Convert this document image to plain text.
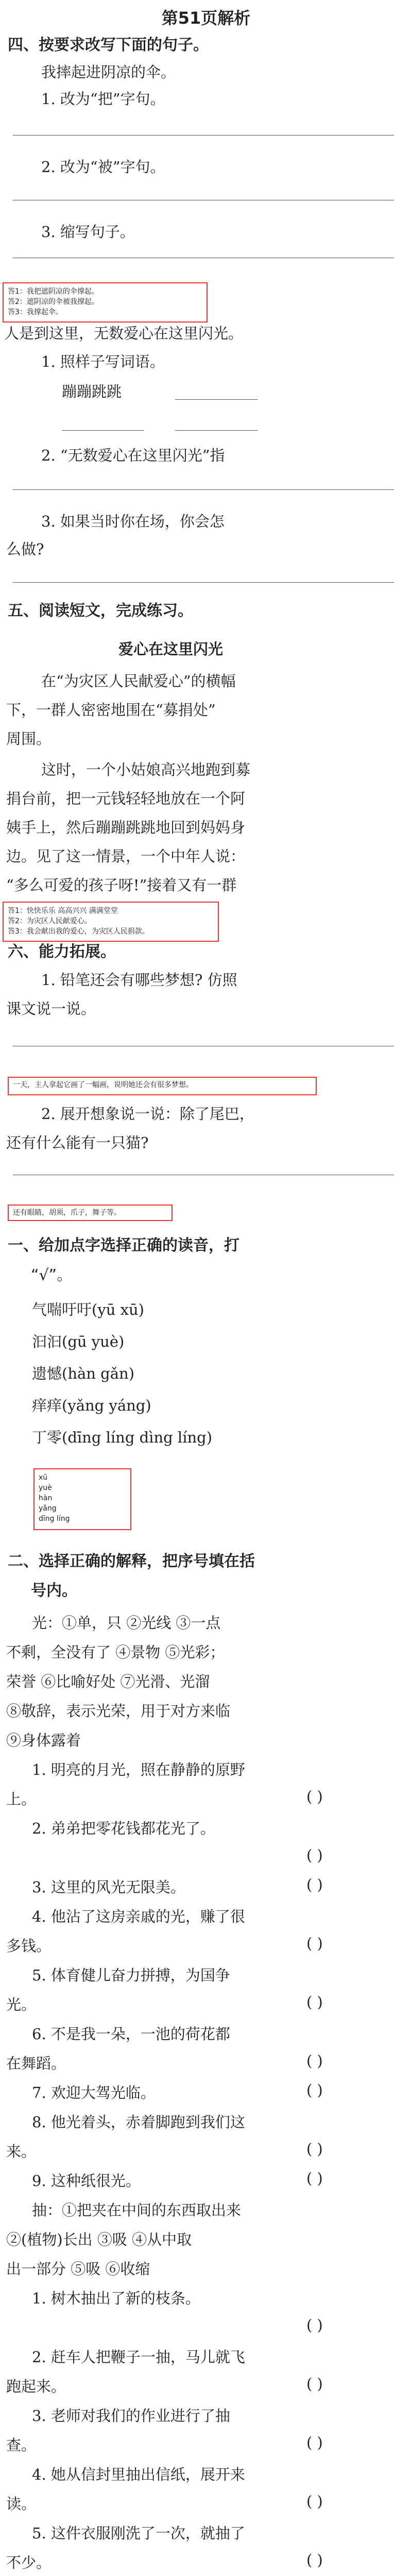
第51页解析
四、按要求改写下面的句子。
我摔起进阴凉的伞。
1. 改为“把”字句。
2. 改为“被”字句。
3. 缩写句子。
答1：我把遮阴凉的伞撑起。
答2：遮阴凉的伞被我撑起。
答3：我撑起伞。
人是到这里，无数爱心在这里闪光。
1. 照样子写词语。
蹦蹦跳跳
2. “无数爱心在这里闪光”指
3. 如果当时你在场，你会怎
么做?
五、阅读短文，完成练习。
爱心在这里闪光
在“为灾区人民献爱心”的横幅
下，一群人密密地围在“募捐处”
周围。
这时，一个小姑娘高兴地跑到募
捐台前，把一元钱轻轻地放在一个阿
姨手上，然后蹦蹦跳跳地回到妈妈身
边。见了这一情景，一个中年人说：
“多么可爱的孩子呀!”接着又有一群
答1：快快乐乐 高高兴兴 满满堂堂
答2：为灾区人民献爱心。
答3：我会献出我的爱心，为灾区人民捐款。
六、能力拓展。
1. 铅笔还会有哪些梦想? 仿照
课文说一说。
一天，主人拿起它画了一幅画，说明她还会有很多梦想。
2. 展开想象说一说：除了尾巴，
还有什么能有一只猫?
还有眼睛，胡须，爪子，舞子等。
一、给加点字选择正确的读音，打
“√”。
气喘吁吁(yū xū)
汩汩(gū yuè)
遗憾(hàn gǎn)
痒痒(yǎng yáng)
丁零(dīng líng dìng líng)
xū
yuè
hàn
yǎng
dīng líng
二、选择正确的解释，把序号填在括
号内。
光：①单，只 ②光线 ③一点
不剩，全没有了 ④景物 ⑤光彩；
荣誉 ⑥比喻好处 ⑦光滑、光溜
⑧敬辞，表示光荣，用于对方来临
⑨身体露着
1. 明亮的月光，照在静静的原野
上。	( )
2. 弟弟把零花钱都花光了。
( )
3. 这里的风光无限美。	( )
4. 他沾了这房亲戚的光，赚了很
多钱。	( )
5. 体育健儿奋力拼搏，为国争
光。	( )
6. 不是我一朵，一池的荷花都
在舞蹈。	( )
7. 欢迎大驾光临。	( )
8. 他光着头，赤着脚跑到我们这
来。	( )
9. 这种纸很光。	( )
抽：①把夹在中间的东西取出来
②(植物)长出 ③吸 ④从中取
出一部分 ⑤吸 ⑥收缩
1. 树木抽出了新的枝条。
( )
2. 赶车人把鞭子一抽，马儿就飞
跑起来。	( )
3. 老师对我们的作业进行了抽
查。	( )
4. 她从信封里抽出信纸，展开来
读。	( )
5. 这件衣服刚洗了一次，就抽了
不少。	( )
